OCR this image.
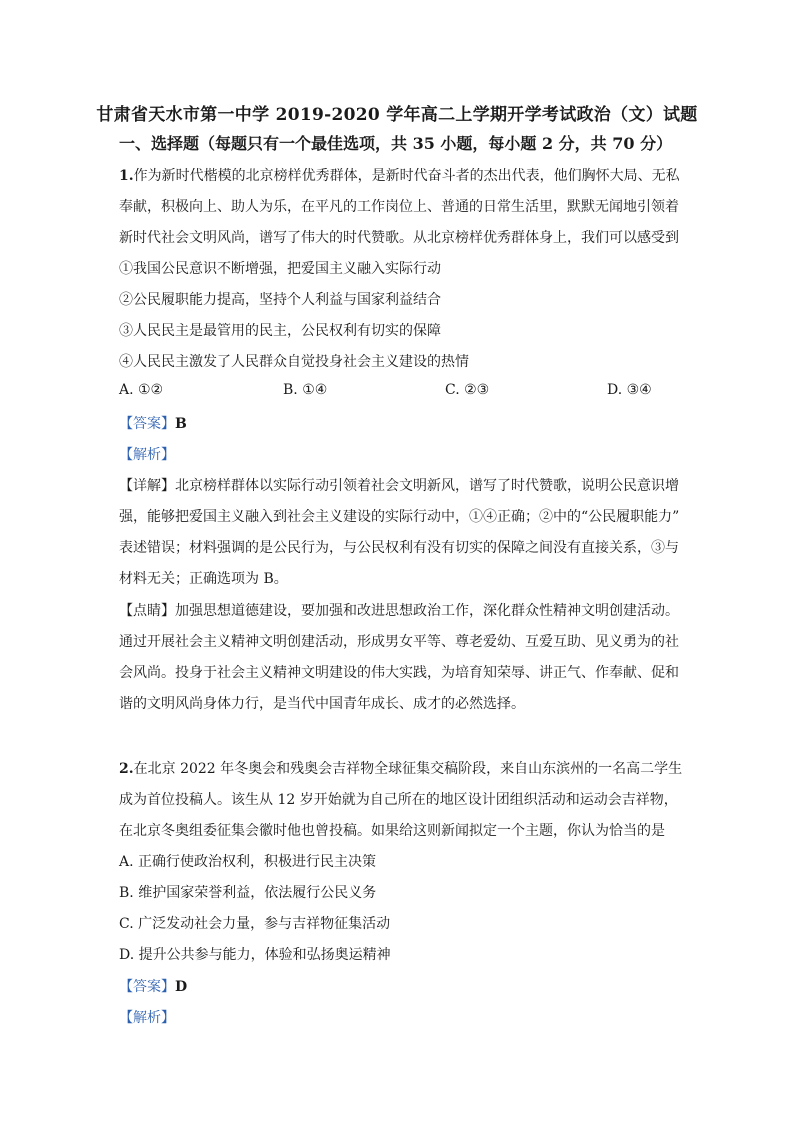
甘肃省天水市第一中学 2019-2020 学年高二上学期开学考试政治（文）试题
一、选择题（每题只有一个最佳选项，共 35 小题，每小题 2 分，共 70 分）
1.作为新时代楷模的北京榜样优秀群体，是新时代奋斗者的杰出代表，他们胸怀大局、无私
奉献，积极向上、助人为乐，在平凡的工作岗位上、普通的日常生活里，默默无闻地引领着
新时代社会文明风尚，谱写了伟大的时代赞歌。从北京榜样优秀群体身上，我们可以感受到
①我国公民意识不断增强，把爱国主义融入实际行动
②公民履职能力提高，坚持个人利益与国家利益结合
③人民民主是最管用的民主，公民权利有切实的保障
④人民民主激发了人民群众自觉投身社会主义建设的热情
A. ①②	B. ①④	C. ②③	D. ③④
【答案】B
【解析】
【详解】北京榜样群体以实际行动引领着社会文明新风，谱写了时代赞歌，说明公民意识增
强，能够把爱国主义融入到社会主义建设的实际行动中，①④正确；②中的“公民履职能力”
表述错误；材料强调的是公民行为，与公民权利有没有切实的保障之间没有直接关系，③与
材料无关；正确选项为 B。
【点睛】加强思想道德建设，要加强和改进思想政治工作，深化群众性精神文明创建活动。
通过开展社会主义精神文明创建活动，形成男女平等、尊老爱幼、互爱互助、见义勇为的社
会风尚。投身于社会主义精神文明建设的伟大实践，为培育知荣辱、讲正气、作奉献、促和
谐的文明风尚身体力行，是当代中国青年成长、成才的必然选择。
2.在北京 2022 年冬奥会和残奥会吉祥物全球征集交稿阶段，来自山东滨州的一名高二学生
成为首位投稿人。该生从 12 岁开始就为自己所在的地区设计团组织活动和运动会吉祥物，
在北京冬奥组委征集会徽时他也曾投稿。如果给这则新闻拟定一个主题，你认为恰当的是
A. 正确行使政治权利，积极进行民主决策
B. 维护国家荣誉利益，依法履行公民义务
C. 广泛发动社会力量，参与吉祥物征集活动
D. 提升公共参与能力，体验和弘扬奥运精神
【答案】D
【解析】
